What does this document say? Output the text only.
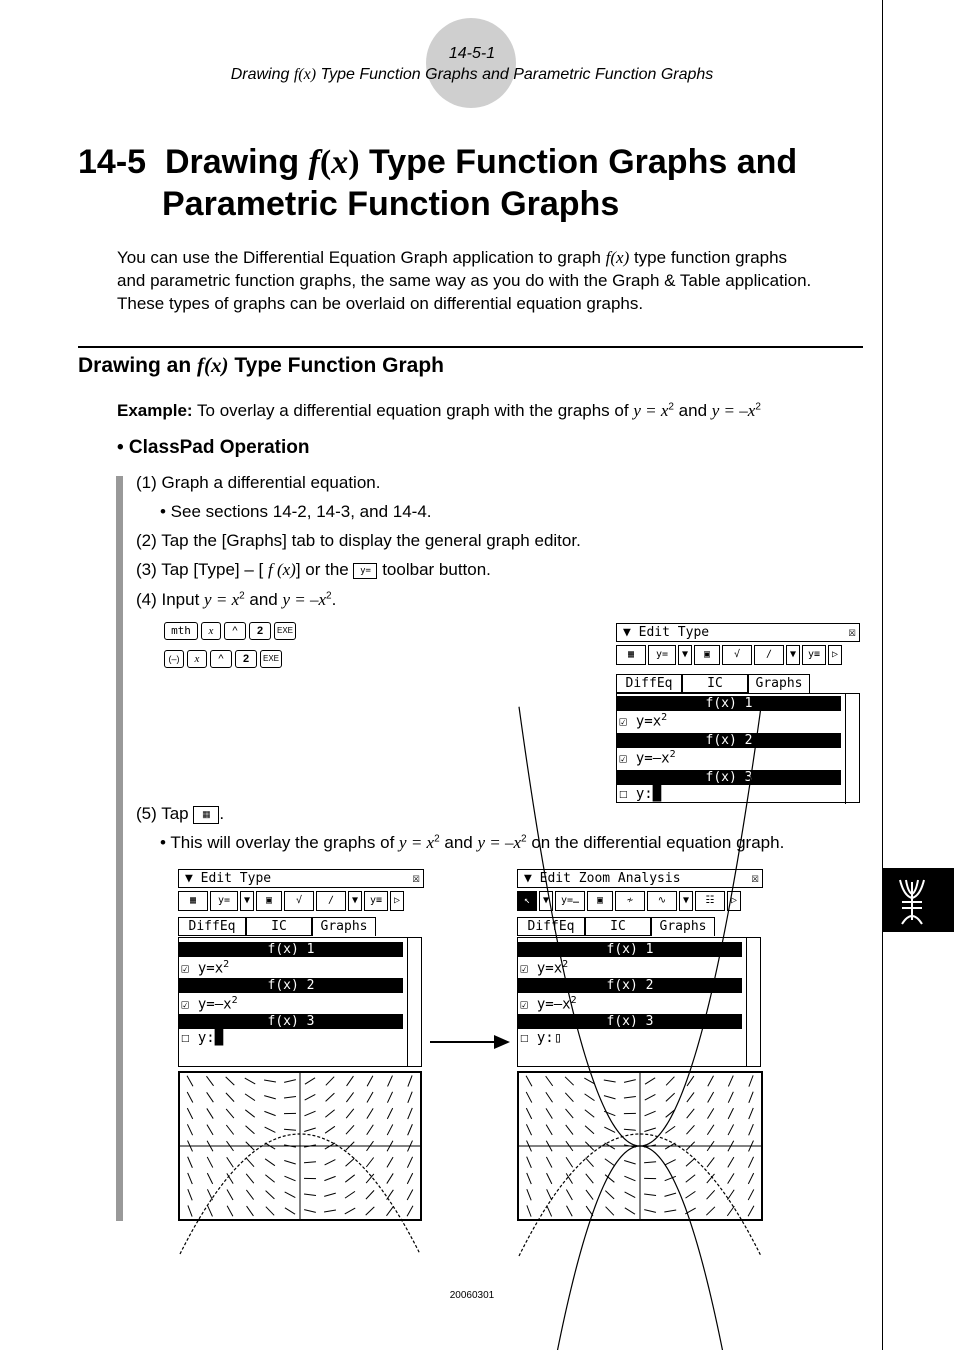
14-5-1
Drawing f(x) Type Function Graphs and Parametric Function Graphs
14-5 Drawing f(x) Type Function Graphs and
Parametric Function Graphs
You can use the Differential Equation Graph application to graph f(x) type function graphs
and parametric function graphs, the same way as you do with the Graph & Table application.
These types of graphs can be overlaid on differential equation graphs.
Drawing an f(x) Type Function Graph
Example: To overlay a differential equation graph with the graphs of $y = x^2$ and $y = -x^2$
• ClassPad Operation
(1) Graph a differential equation.
• See sections 14-2, 14-3, and 14-4.
(2) Tap the [Graphs] tab to display the general graph editor.
(3) Tap [Type] – [ f (x)] or the y= toolbar button.
(4) Input $y = x^2$ and $y = -x^2$.
mth x ^ 2 EXE
(–) x ^ 2 EXE
▼ Edit Type	☒
▦	y=	▼	▣	√	∕	▼	y≡	▷
DiffEq	IC	Graphs
f(x) 1
☑ $y=x^2$
f(x) 2
☑ $y=-x^2$
f(x) 3
☐ y:█
(5) Tap ▦ .
• This will overlay the graphs of $y = x^2$ and $y = -x^2$ on the differential equation graph.
▼ Edit Type	☒
▦	y=	▼	▣	√	∕	▼	y≡	▷
DiffEq	IC	Graphs
f(x) 1
☑ $y=x^2$
f(x) 2
☑ $y=-x^2$
f(x) 3
☐ y:█
▼ Edit Zoom Analysis	☒
↖	▼	y=…	▣	≁	∿	▼	☷	▷
DiffEq	IC	Graphs
f(x) 1
☑ $y=x^2$
f(x) 2
☑ $y=-x^2$
f(x) 3
☐ y:▯
20060301
